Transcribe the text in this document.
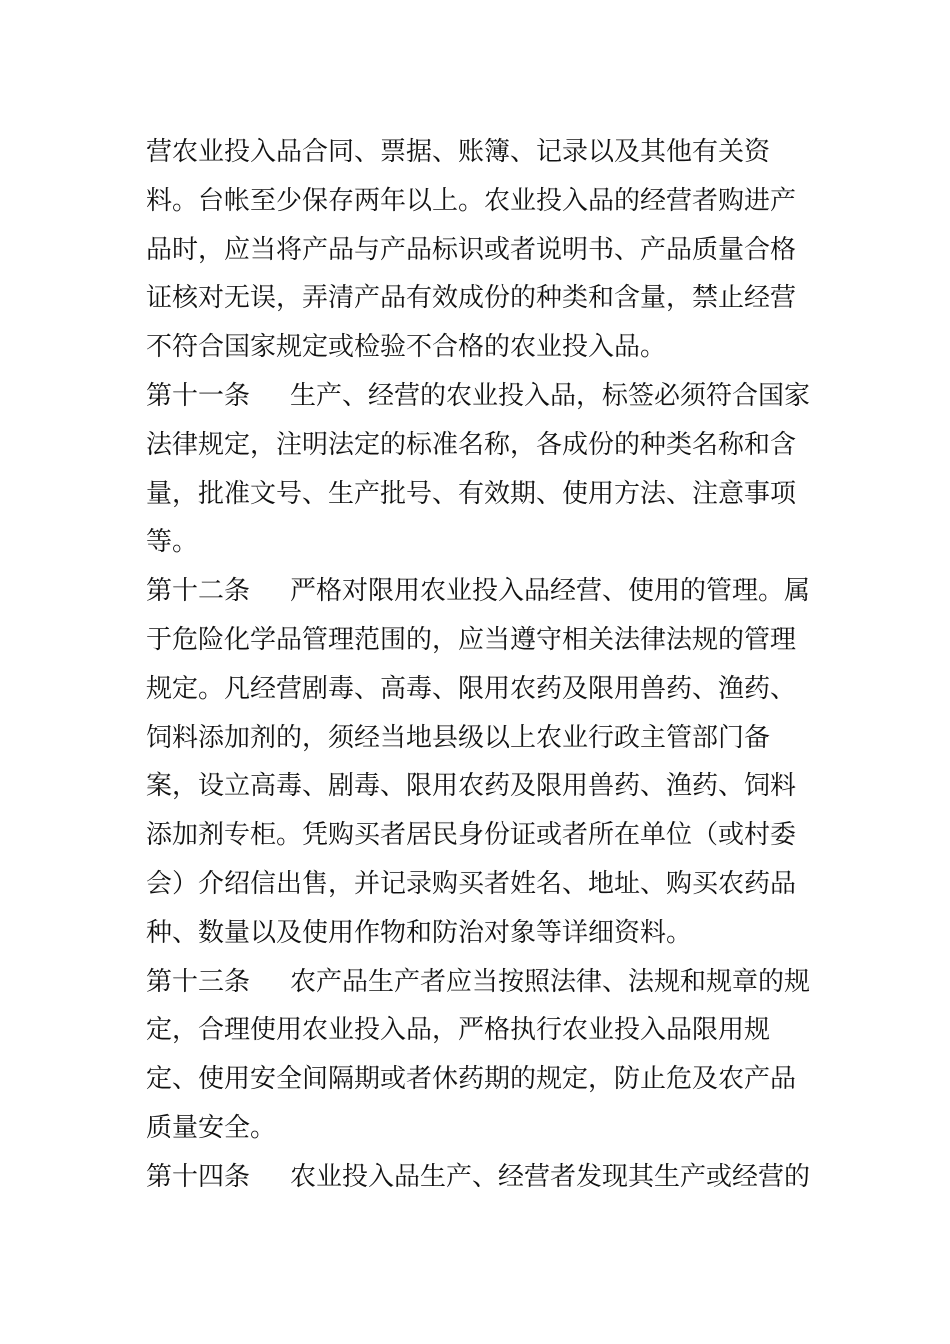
营农业投入品合同、票据、账簿、记录以及其他有关资
料。台帐至少保存两年以上。农业投入品的经营者购进产
品时，应当将产品与产品标识或者说明书、产品质量合格
证核对无误，弄清产品有效成份的种类和含量，禁止经营
不符合国家规定或检验不合格的农业投入品。
第十一条 生产、经营的农业投入品，标签必须符合国家
法律规定，注明法定的标准名称，各成份的种类名称和含
量，批准文号、生产批号、有效期、使用方法、注意事项
等。
第十二条 严格对限用农业投入品经营、使用的管理。属
于危险化学品管理范围的，应当遵守相关法律法规的管理
规定。凡经营剧毒、高毒、限用农药及限用兽药、渔药、
饲料添加剂的，须经当地县级以上农业行政主管部门备
案，设立高毒、剧毒、限用农药及限用兽药、渔药、饲料
添加剂专柜。凭购买者居民身份证或者所在单位（或村委
会）介绍信出售，并记录购买者姓名、地址、购买农药品
种、数量以及使用作物和防治对象等详细资料。
第十三条 农产品生产者应当按照法律、法规和规章的规
定，合理使用农业投入品，严格执行农业投入品限用规
定、使用安全间隔期或者休药期的规定，防止危及农产品
质量安全。
第十四条 农业投入品生产、经营者发现其生产或经营的
